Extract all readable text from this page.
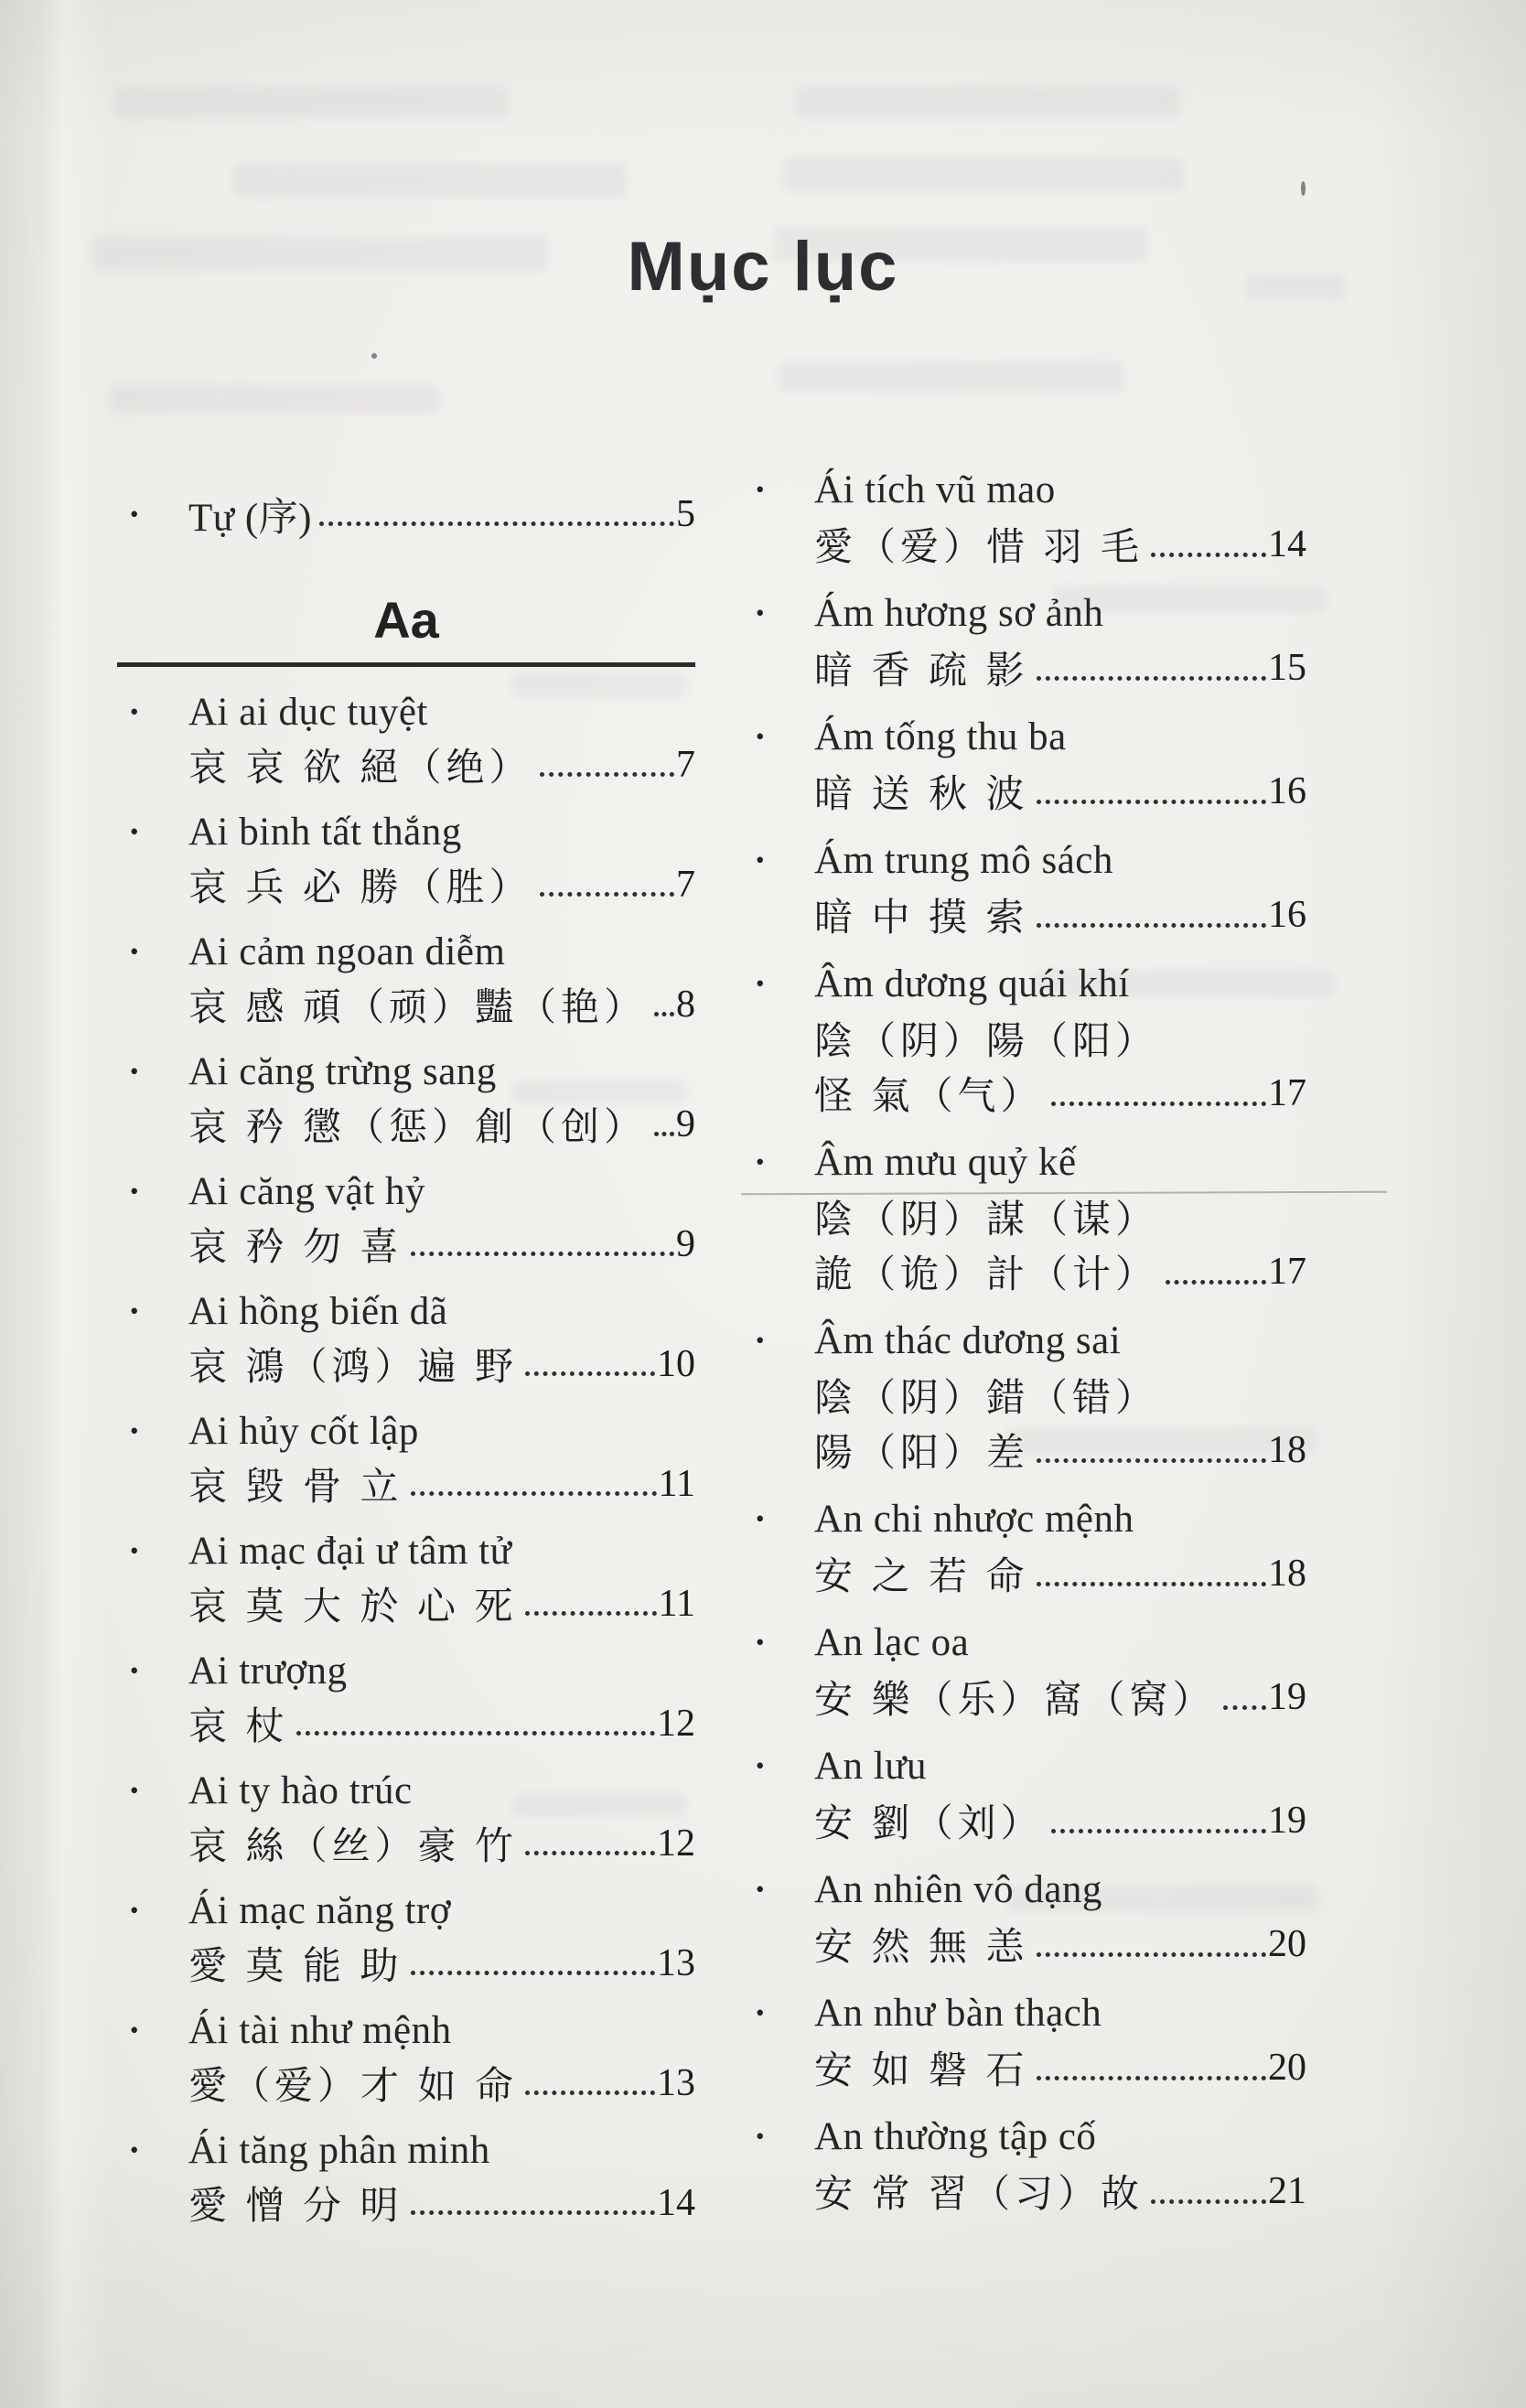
Mục lục
•	Tự (序)	5
Aa
•	Ai ai dục tuyệt
哀 哀 欲 絕（绝）	7
•	Ai binh tất thắng
哀 兵 必 勝（胜）	7
•	Ai cảm ngoan diễm
哀 感 頑（顽）豔（艳） 8
•	Ai căng trừng sang
哀 矜 懲（惩）創（创） 9
•	Ai căng vật hỷ
哀 矜 勿 喜	9
•	Ai hồng biến dã
哀 鴻（鸿）遍 野	10
•	Ai hủy cốt lập
哀 毀 骨 立	11
•	Ai mạc đại ư tâm tử
哀 莫 大 於 心 死	11
•	Ai trượng
哀 杖	12
•	Ai ty hào trúc
哀 絲（丝）豪 竹	12
•	Ái mạc năng trợ
愛 莫 能 助	13
•	Ái tài như mệnh
愛（爱）才 如 命	13
•	Ái tăng phân minh
愛 憎 分 明	14
•	Ái tích vũ mao
愛（爱）惜 羽 毛	14
•	Ám hương sơ ảnh
暗 香 疏 影	15
•	Ám tống thu ba
暗 送 秋 波	16
•	Ám trung mô sách
暗 中 摸 索	16
•	Âm dương quái khí
陰（阴）陽（阳）
怪 氣（气）	17
•	Âm mưu quỷ kế
陰（阴）謀（谋）
詭（诡）計（计）	17
•	Âm thác dương sai
陰（阴）錯（错）
陽（阳）差	18
•	An chi nhược mệnh
安 之 若 命	18
•	An lạc oa
安 樂（乐）窩（窝） 19
•	An lưu
安 劉（刘）	19
•	An nhiên vô dạng
安 然 無 恙	20
•	An như bàn thạch
安 如 磐 石	20
•	An thường tập cố
安 常 習（习）故	21
